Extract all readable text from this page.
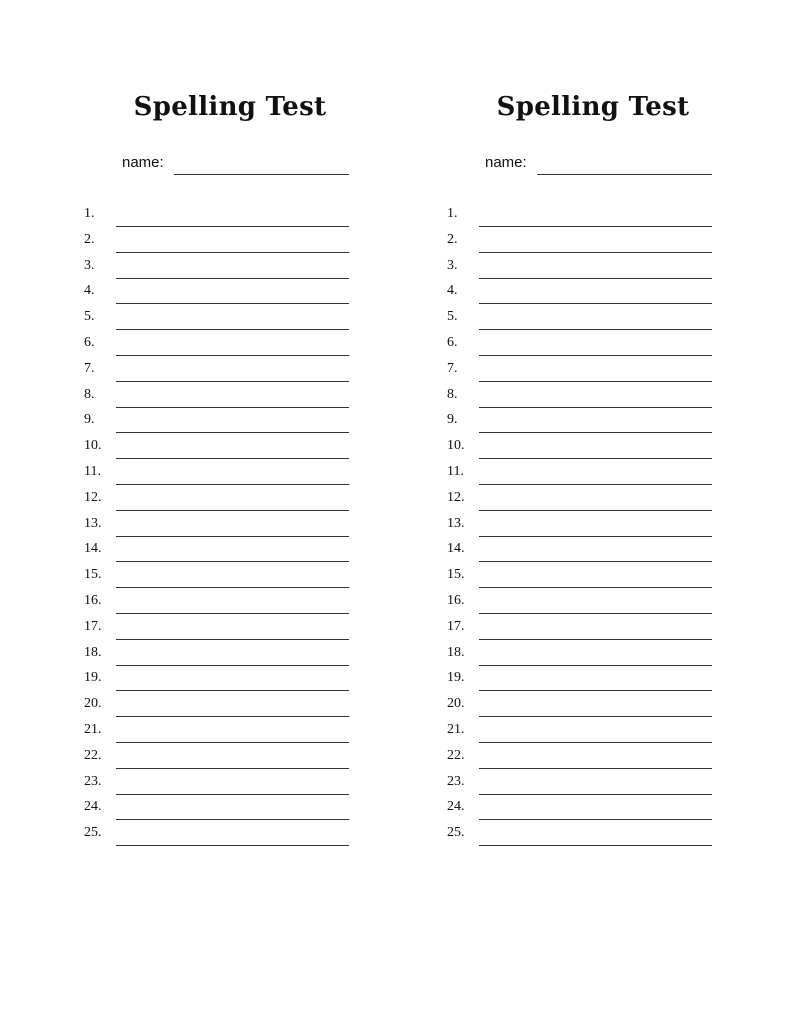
Spelling Test
name:
1.
2.
3.
4.
5.
6.
7.
8.
9.
10.
11.
12.
13.
14.
15.
16.
17.
18.
19.
20.
21.
22.
23.
24.
25.
Spelling Test
name:
1.
2.
3.
4.
5.
6.
7.
8.
9.
10.
11.
12.
13.
14.
15.
16.
17.
18.
19.
20.
21.
22.
23.
24.
25.
